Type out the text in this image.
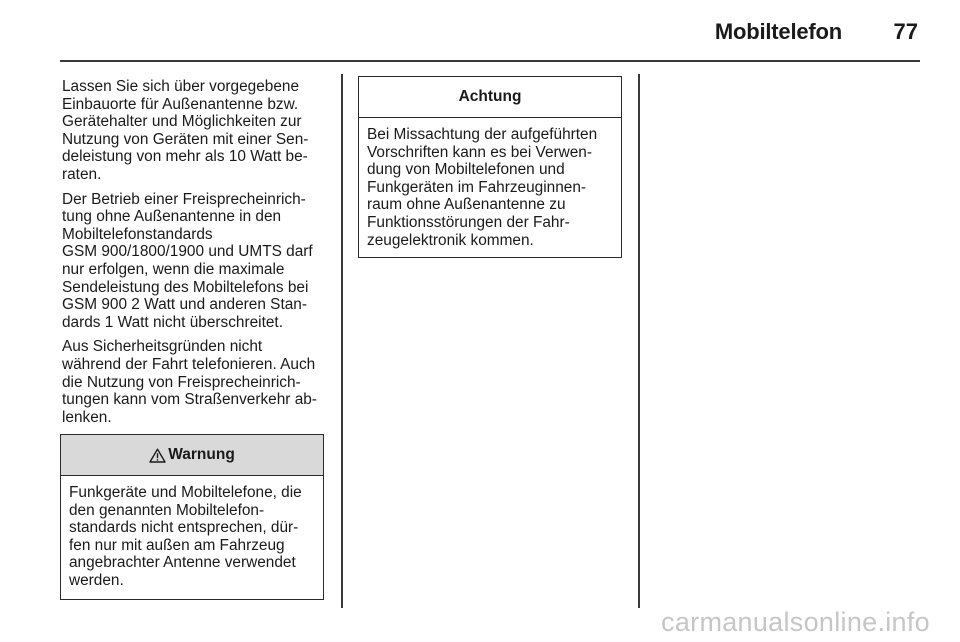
Mobiltelefon 77

Lassen Sie sich über vorgegebene
Einbauorte für Außenantenne bzw.
Gerätehalter und Möglichkeiten zur
Nutzung von Geräten mit einer Sen-
deleistung von mehr als 10 Watt be-
raten.

Der Betrieb einer Freisprecheinrich-
tung ohne Außenantenne in den
Mobiltelefonstandards
GSM 900/1800/1900 und UMTS darf
nur erfolgen, wenn die maximale
Sendeleistung des Mobiltelefons bei
GSM 900 2 Watt und anderen Stan-
dards 1 Watt nicht überschreitet.

Aus Sicherheitsgründen nicht
während der Fahrt telefonieren. Auch
die Nutzung von Freisprecheinrich-
tungen kann vom Straßenverkehr ab-
lenken.

Warnung
Funkgeräte und Mobiltelefone, die
den genannten Mobiltelefon-
standards nicht entsprechen, dür-
fen nur mit außen am Fahrzeug
angebrachter Antenne verwendet
werden.
Achtung
Bei Missachtung der aufgeführten
Vorschriften kann es bei Verwen-
dung von Mobiltelefonen und
Funkgeräten im Fahrzeuginnen-
raum ohne Außenantenne zu
Funktionsstörungen der Fahr-
zeugelektronik kommen.
carmanualsonline.info
